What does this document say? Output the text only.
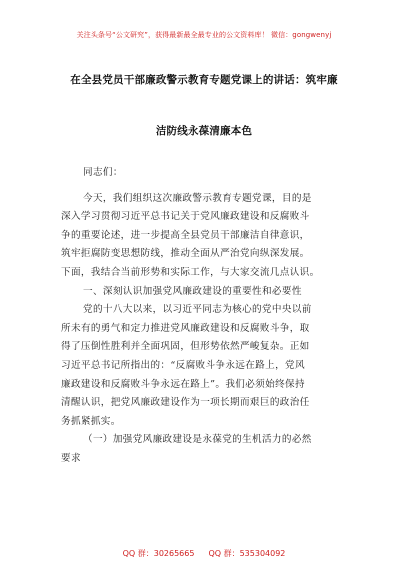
关注头条号“公文研究”，获得最新最全最专业的公文资料库！ 微信：gongwenyj
在全县党员干部廉政警示教育专题党课上的讲话：筑牢廉
洁防线永葆清廉本色
同志们：
今天，我们组织这次廉政警示教育专题党课，目的是
深入学习贯彻习近平总书记关于党风廉政建设和反腐败斗
争的重要论述，进一步提高全县党员干部廉洁自律意识，
筑牢拒腐防变思想防线，推动全面从严治党向纵深发展。
下面，我结合当前形势和实际工作，与大家交流几点认识。
一、深刻认识加强党风廉政建设的重要性和必要性
党的十八大以来，以习近平同志为核心的党中央以前
所未有的勇气和定力推进党风廉政建设和反腐败斗争，取
得了压倒性胜利并全面巩固，但形势依然严峻复杂。正如
习近平总书记所指出的：“反腐败斗争永远在路上，党风
廉政建设和反腐败斗争永远在路上”。我们必须始终保持
清醒认识，把党风廉政建设作为一项长期而艰巨的政治任
务抓紧抓实。
（一）加强党风廉政建设是永葆党的生机活力的必然
要求
QQ 群：30265665 QQ 群：535304092
